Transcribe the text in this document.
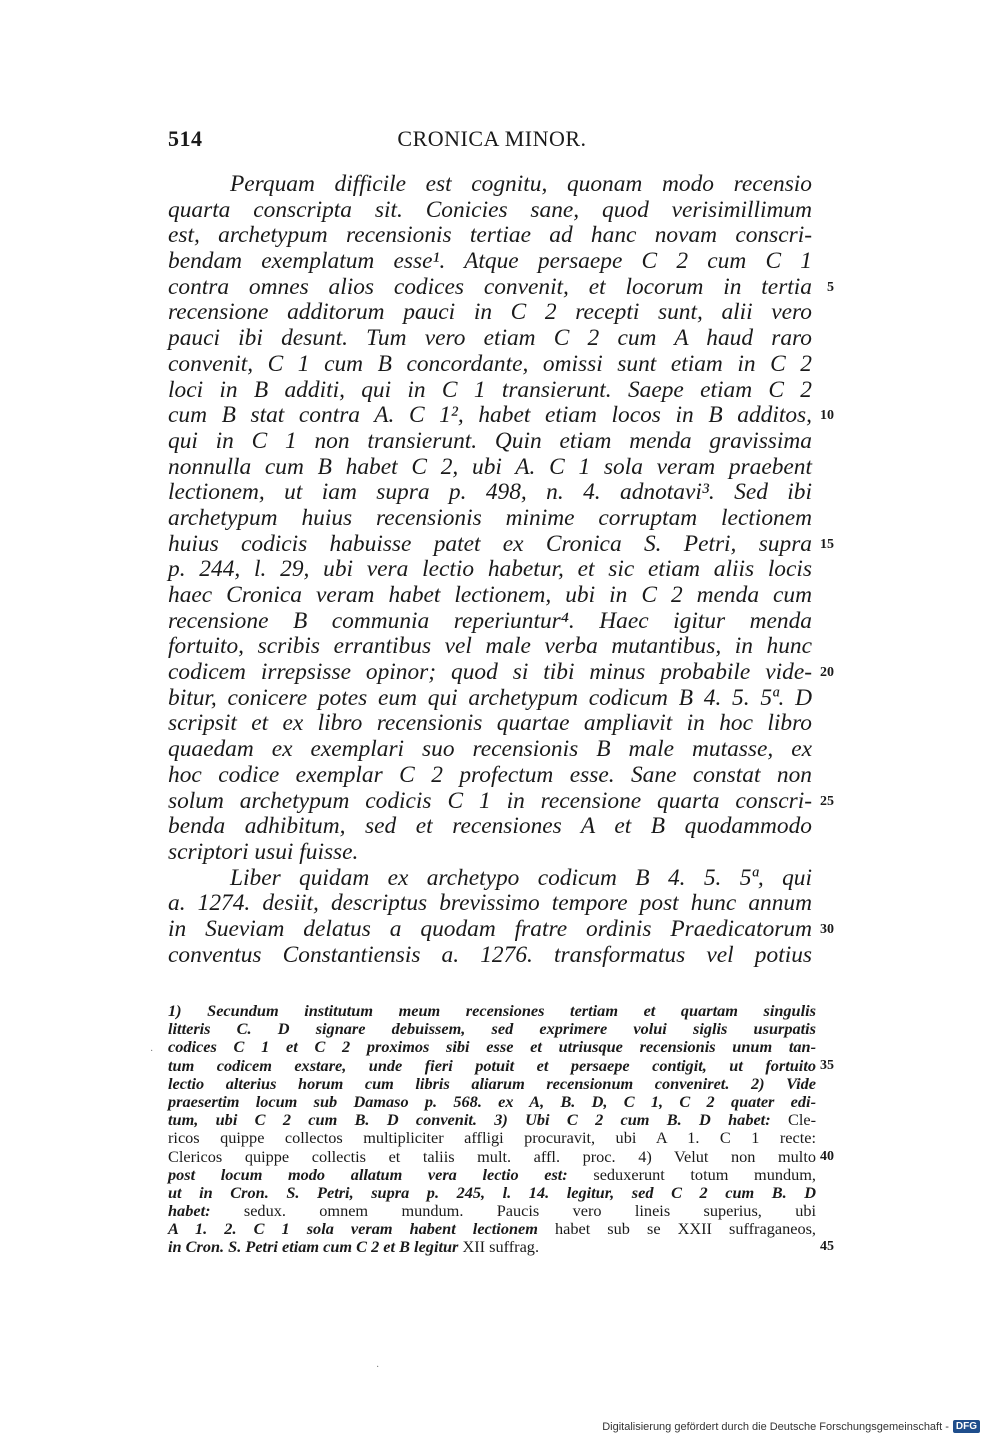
514	CRONICA MINOR.
Perquam difficile est cognitu, quonam modo recensio
quarta conscripta sit. Conicies sane, quod verisimillimum
est, archetypum recensionis tertiae ad hanc novam conscri-
bendam exemplatum esse¹. Atque persaepe C 2 cum C 1
contra omnes alios codices convenit, et locorum in tertia 5
recensione additorum pauci in C 2 recepti sunt, alii vero
pauci ibi desunt. Tum vero etiam C 2 cum A haud raro
convenit, C 1 cum B concordante, omissi sunt etiam in C 2
loci in B additi, qui in C 1 transierunt. Saepe etiam C 2
cum B stat contra A. C 1², habet etiam locos in B additos, 10
qui in C 1 non transierunt. Quin etiam menda gravissima
nonnulla cum B habet C 2, ubi A. C 1 sola veram praebent
lectionem, ut iam supra p. 498, n. 4. adnotavi³. Sed ibi
archetypum huius recensionis minime corruptam lectionem
huius codicis habuisse patet ex Cronica S. Petri, supra 15
p. 244, l. 29, ubi vera lectio habetur, et sic etiam aliis locis
haec Cronica veram habet lectionem, ubi in C 2 menda cum
recensione B communia reperiuntur⁴. Haec igitur menda
fortuito, scribis errantibus vel male verba mutantibus, in hunc
codicem irrepsisse opinor; quod si tibi minus probabile vide- 20
bitur, conicere potes eum qui archetypum codicum B 4. 5. 5ª. D
scripsit et ex libro recensionis quartae ampliavit in hoc libro
quaedam ex exemplari suo recensionis B male mutasse, ex
hoc codice exemplar C 2 profectum esse. Sane constat non
solum archetypum codicis C 1 in recensione quarta conscri- 25
benda adhibitum, sed et recensiones A et B quodammodo
scriptori usui fuisse.
Liber quidam ex archetypo codicum B 4. 5. 5ª, qui
a. 1274. desiit, descriptus brevissimo tempore post hunc annum
in Sueviam delatus a quodam fratre ordinis Praedicatorum 30
conventus Constantiensis a. 1276. transformatus vel potius
1) Secundum institutum meum recensiones tertiam et quartam singulis
litteris C. D signare debuissem, sed exprimere volui siglis usurpatis
codices C 1 et C 2 proximos sibi esse et utriusque recensionis unum tan-
tum codicem exstare, unde fieri potuit et persaepe contigit, ut fortuito 35
lectio alterius horum cum libris aliarum recensionum conveniret. 2) Vide
praesertim locum sub Damaso p. 568. ex A, B. D, C 1, C 2 quater edi-
tum, ubi C 2 cum B. D convenit. 3) Ubi C 2 cum B. D habet: Cle-
ricos quippe collectos multipliciter affligi procuravit, ubi A 1. C 1 recte:
Clericos quippe collectis et taliis mult. affl. proc. 4) Velut non multo 40
post locum modo allatum vera lectio est: seduxerunt totum mundum,
ut in Cron. S. Petri, supra p. 245, l. 14. legitur, sed C 2 cum B. D
habet: sedux. omnem mundum. Paucis vero lineis superius, ubi
A 1. 2. C 1 sola veram habent lectionem habet sub se XXII suffraganeos,
in Cron. S. Petri etiam cum C 2 et B legitur XII suffrag.	45
·
·
Digitalisierung gefördert durch die Deutsche Forschungsgemeinschaft - DFG
